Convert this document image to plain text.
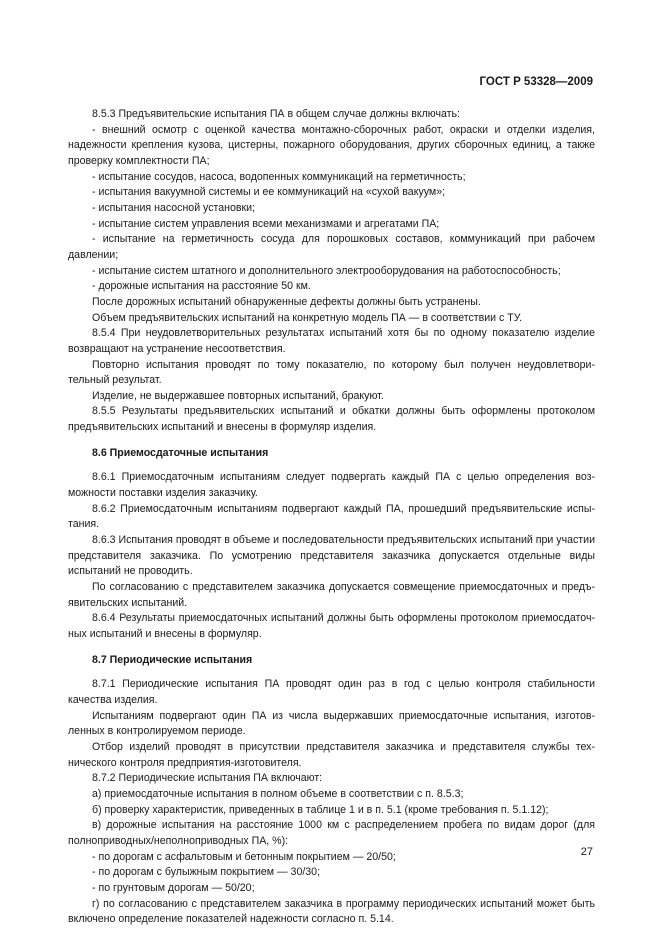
ГОСТ Р 53328—2009

8.5.3 Предъявительские испытания ПА в общем случае должны включать:

- внешний осмотр с оценкой качества монтажно-сборочных работ, окраски и отделки изделия, надежности крепления кузова, цистерны, пожарного оборудования, других сборочных единиц, а также проверку комплектности ПА;

- испытание сосудов, насоса, водопенных коммуникаций на герметичность;

- испытания вакуумной системы и ее коммуникаций на «сухой вакуум»;

- испытания насосной установки;

- испытание систем управления всеми механизмами и агрегатами ПА;

- испытание на герметичность сосуда для порошковых составов, коммуникаций при рабочем давлении;

- испытание систем штатного и дополнительного электрооборудования на работоспособность;

- дорожные испытания на расстояние 50 км.

После дорожных испытаний обнаруженные дефекты должны быть устранены.

Объем предъявительских испытаний на конкретную модель ПА — в соответствии с ТУ.

8.5.4 При неудовлетворительных результатах испытаний хотя бы по одному показателю изделие возвращают на устранение несоответствия.

Повторно испытания проводят по тому показателю, по которому был получен неудовлетвори-тельный результат.

Изделие, не выдержавшее повторных испытаний, бракуют.

8.5.5 Результаты предъявительских испытаний и обкатки должны быть оформлены протоколом предъявительских испытаний и внесены в формуляр изделия.

8.6 Приемосдаточные испытания

8.6.1 Приемосдаточным испытаниям следует подвергать каждый ПА с целью определения воз-можности поставки изделия заказчику.

8.6.2 Приемосдаточным испытаниям подвергают каждый ПА, прошедший предъявительские испы-тания.

8.6.3 Испытания проводят в объеме и последовательности предъявительских испытаний при участии представителя заказчика. По усмотрению представителя заказчика допускается отдельные виды испытаний не проводить.

По согласованию с представителем заказчика допускается совмещение приемосдаточных и предъ-явительских испытаний.

8.6.4 Результаты приемосдаточных испытаний должны быть оформлены протоколом приемосдаточ-ных испытаний и внесены в формуляр.

8.7 Периодические испытания

8.7.1 Периодические испытания ПА проводят один раз в год с целью контроля стабильности качества изделия.

Испытаниям подвергают один ПА из числа выдержавших приемосдаточные испытания, изготов-ленных в контролируемом периоде.

Отбор изделий проводят в присутствии представителя заказчика и представителя службы тех-нического контроля предприятия-изготовителя.

8.7.2 Периодические испытания ПА включают:

а) приемосдаточные испытания в полном объеме в соответствии с п. 8.5.3;

б) проверку характеристик, приведенных в таблице 1 и в п. 5.1 (кроме требования п. 5.1.12);

в) дорожные испытания на расстояние 1000 км с распределением пробега по видам дорог (для полноприводных/неполноприводных ПА, %):

- по дорогам с асфальтовым и бетонным покрытием — 20/50;

- по дорогам с булыжным покрытием — 30/30;

- по грунтовым дорогам — 50/20;

г) по согласованию с представителем заказчика в программу периодических испытаний может быть включено определение показателей надежности согласно п. 5.14.

27
